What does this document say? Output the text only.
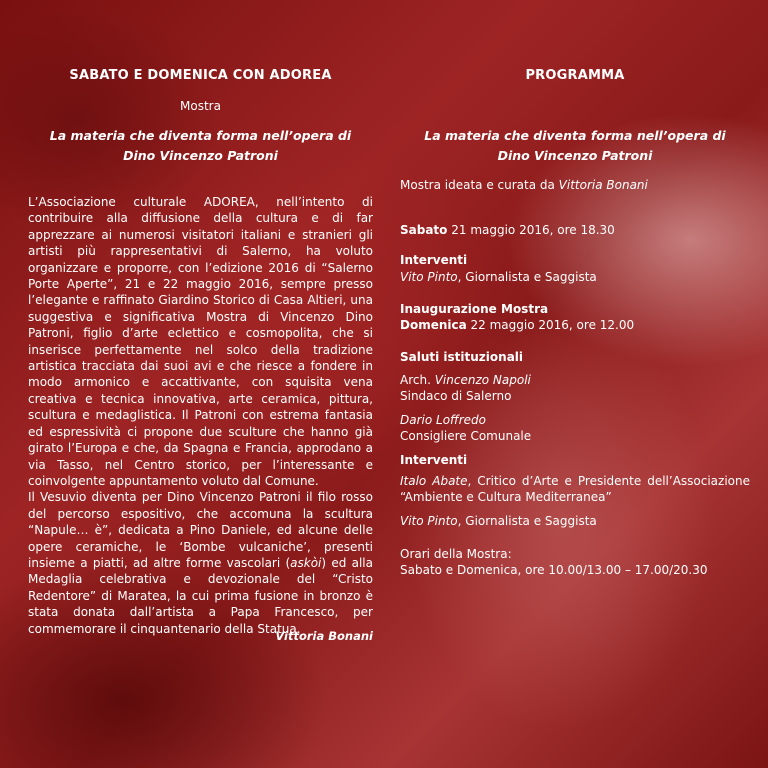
SABATO E DOMENICA CON ADOREA
Mostra
La materia che diventa forma nell’opera di
Dino Vincenzo Patroni

L’Associazione culturale ADOREA, nell’intento di contribuire alla diffusione della cultura e di far apprezzare ai numerosi visitatori italiani e stranieri gli artisti più rappresentativi di Salerno, ha voluto organizzare e proporre, con l’edizione 2016 di “Salerno Porte Aperte”, 21 e 22 maggio 2016, sempre presso l’elegante e raffinato Giardino Storico di Casa Altieri, una suggestiva e significativa Mostra di Vincenzo Dino Patroni, figlio d’arte eclettico e cosmopolita, che si inserisce perfettamente nel solco della tradizione artistica tracciata dai suoi avi e che riesce a fondere in modo armonico e accattivante, con squisita vena creativa e tecnica innovativa, arte ceramica, pittura, scultura e medaglistica. Il Patroni con estrema fantasia ed espressività ci propone due sculture che hanno già girato l’Europa e che, da Spagna e Francia, approdano a via Tasso, nel Centro storico, per l’interessante e coinvolgente appuntamento voluto dal Comune.

Il Vesuvio diventa per Dino Vincenzo Patroni il filo rosso del percorso espositivo, che accomuna la scultura “Napule… è”, dedicata a Pino Daniele, ed alcune delle opere ceramiche, le ‘Bombe vulcaniche’, presenti insieme a piatti, ad altre forme vascolari (askòi) ed alla Medaglia celebrativa e devozionale del “Cristo Redentore” di Maratea, la cui prima fusione in bronzo è stata donata dall’artista a Papa Francesco, per commemorare il cinquantenario della Statua.

Vittoria Bonani
PROGRAMMA
La materia che diventa forma nell’opera di
Dino Vincenzo Patroni
Mostra ideata e curata da Vittoria Bonani
Sabato 21 maggio 2016, ore 18.30
Interventi
Vito Pinto, Giornalista e Saggista
Inaugurazione Mostra
Domenica 22 maggio 2016, ore 12.00
Saluti istituzionali
Arch. Vincenzo Napoli
Sindaco di Salerno
Dario Loffredo
Consigliere Comunale
Interventi
Italo Abate, Critico d’Arte e Presidente dell’Associazione “Ambiente e Cultura Mediterranea”
Vito Pinto, Giornalista e Saggista
Orari della Mostra:
Sabato e Domenica, ore 10.00/13.00 – 17.00/20.30
